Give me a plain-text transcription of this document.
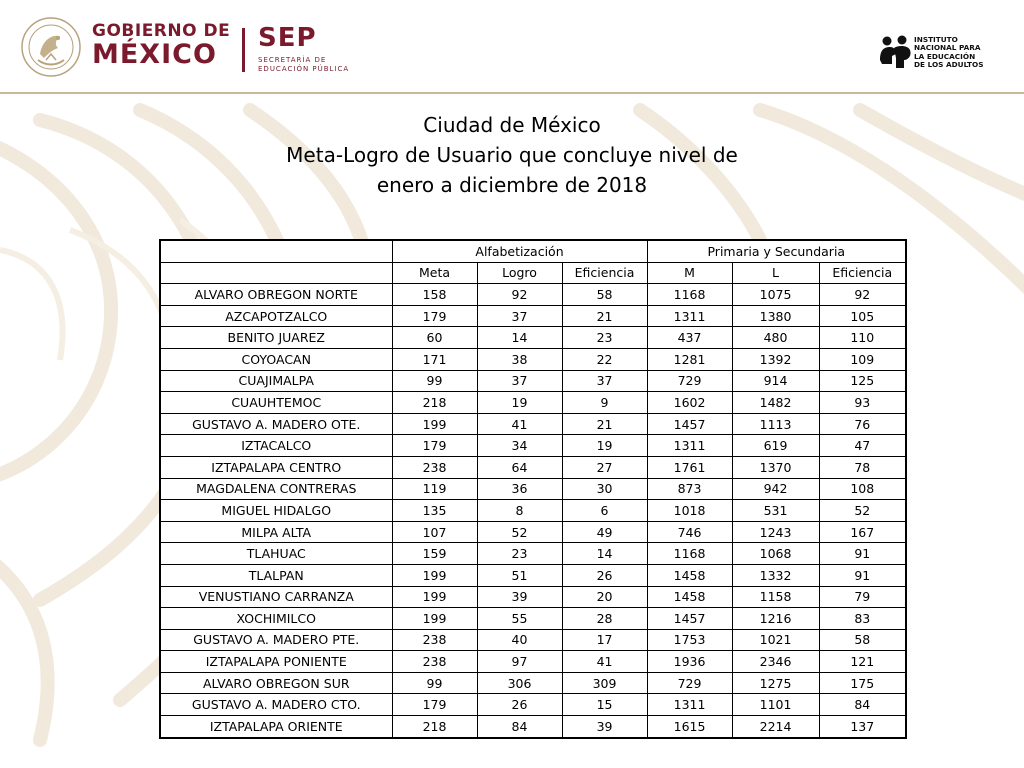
GOBIERNO DE
MÉXICO
SEP
SECRETARÍA DE
EDUCACIÓN PÚBLICA
INSTITUTO
NACIONAL PARA
LA EDUCACIÓN
DE LOS ADULTOS
Ciudad de México
Meta-Logro de Usuario que concluye nivel de
enero a diciembre de 2018
	Alfabetización			Primaria y Secundaria		
	Meta	Logro	Eficiencia	M	L	Eficiencia
ALVARO OBREGON NORTE	158	92	58	1168	1075	92
AZCAPOTZALCO	179	37	21	1311	1380	105
BENITO JUAREZ	60	14	23	437	480	110
COYOACAN	171	38	22	1281	1392	109
CUAJIMALPA	99	37	37	729	914	125
CUAUHTEMOC	218	19	9	1602	1482	93
GUSTAVO A. MADERO OTE.	199	41	21	1457	1113	76
IZTACALCO	179	34	19	1311	619	47
IZTAPALAPA CENTRO	238	64	27	1761	1370	78
MAGDALENA CONTRERAS	119	36	30	873	942	108
MIGUEL HIDALGO	135	8	6	1018	531	52
MILPA ALTA	107	52	49	746	1243	167
TLAHUAC	159	23	14	1168	1068	91
TLALPAN	199	51	26	1458	1332	91
VENUSTIANO CARRANZA	199	39	20	1458	1158	79
XOCHIMILCO	199	55	28	1457	1216	83
GUSTAVO A. MADERO PTE.	238	40	17	1753	1021	58
IZTAPALAPA PONIENTE	238	97	41	1936	2346	121
ALVARO OBREGON SUR	99	306	309	729	1275	175
GUSTAVO A. MADERO CTO.	179	26	15	1311	1101	84
IZTAPALAPA ORIENTE	218	84	39	1615	2214	137
